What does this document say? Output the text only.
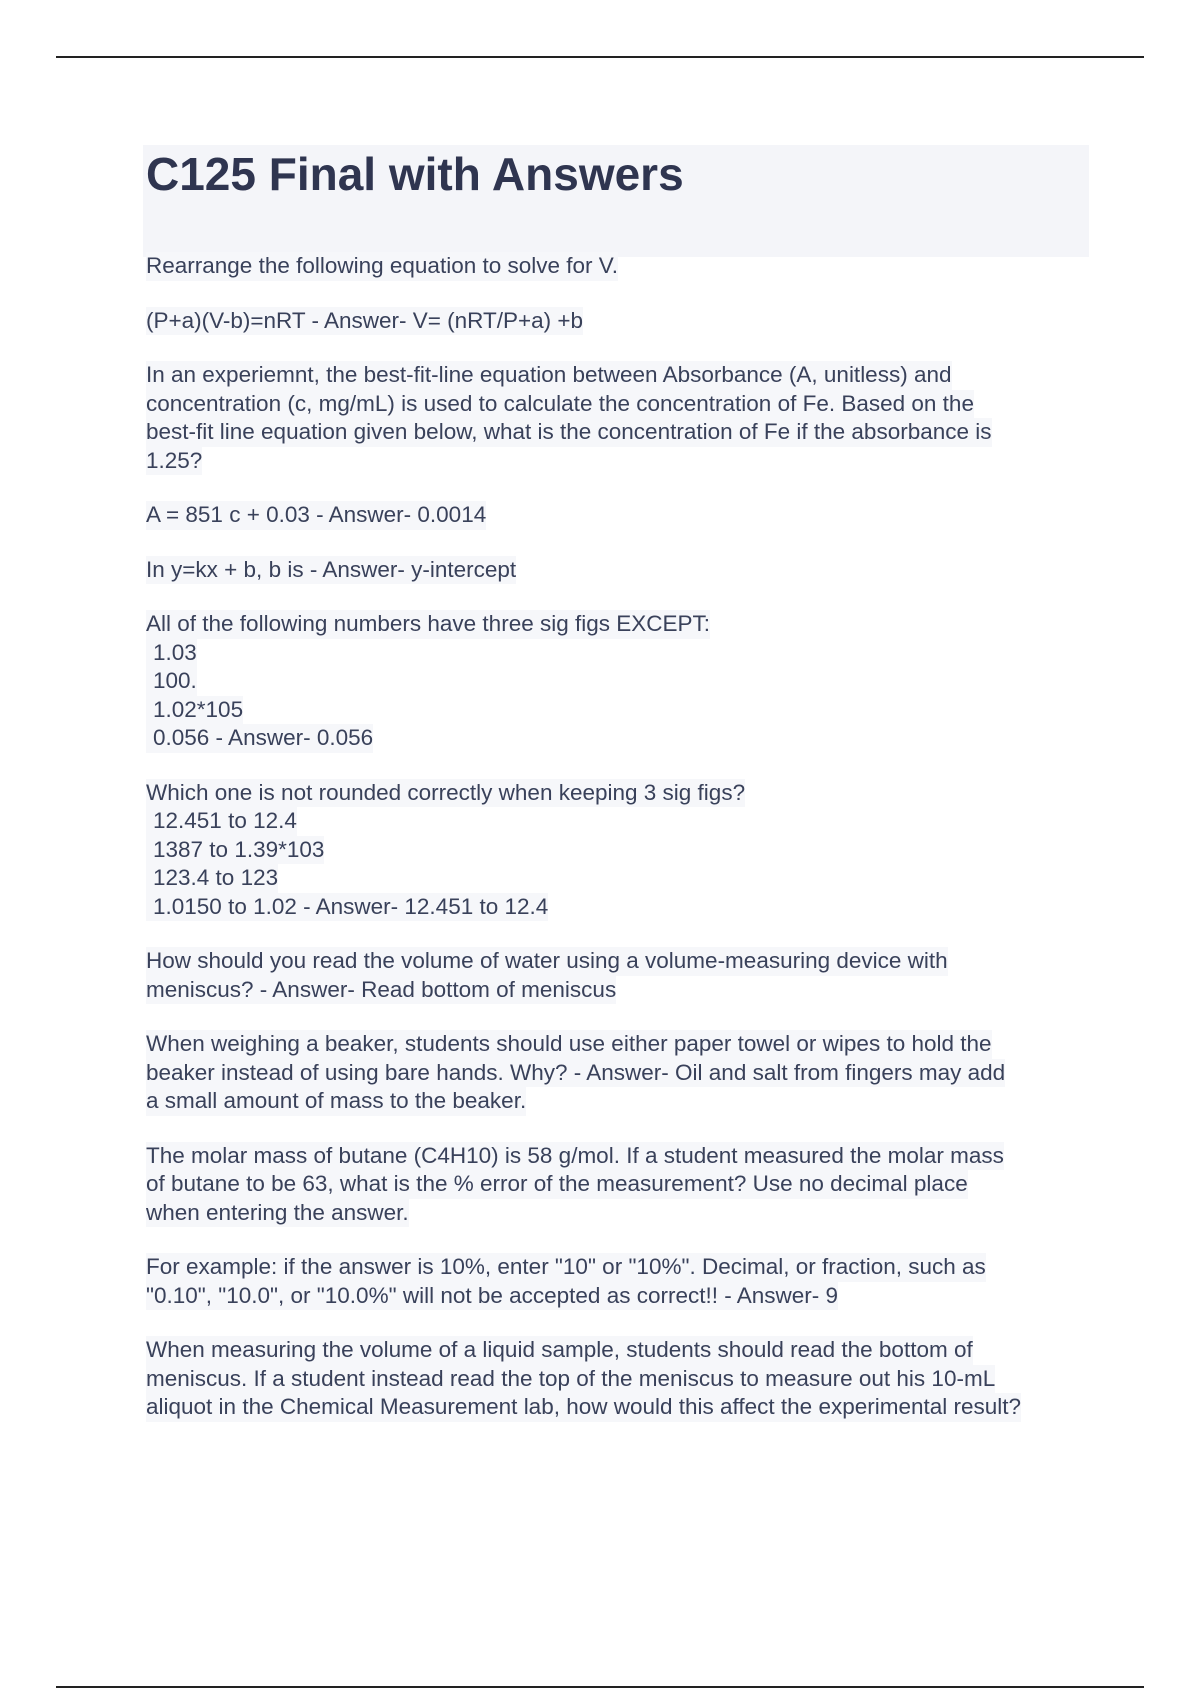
C125 Final with Answers

Rearrange the following equation to solve for V.

(P+a)(V-b)=nRT - Answer- V= (nRT/P+a) +b

In an experiemnt, the best-fit-line equation between Absorbance (A, unitless) and
concentration (c, mg/mL) is used to calculate the concentration of Fe. Based on the
best-fit line equation given below, what is the concentration of Fe if the absorbance is
1.25?

A = 851 c + 0.03 - Answer- 0.0014

In y=kx + b, b is - Answer- y-intercept

All of the following numbers have three sig figs EXCEPT:
1.03
100.
1.02*105
0.056 - Answer- 0.056

Which one is not rounded correctly when keeping 3 sig figs?
12.451 to 12.4
1387 to 1.39*103
123.4 to 123
1.0150 to 1.02 - Answer- 12.451 to 12.4

How should you read the volume of water using a volume-measuring device with
meniscus? - Answer- Read bottom of meniscus

When weighing a beaker, students should use either paper towel or wipes to hold the
beaker instead of using bare hands. Why? - Answer- Oil and salt from fingers may add
a small amount of mass to the beaker.

The molar mass of butane (C4H10) is 58 g/mol. If a student measured the molar mass
of butane to be 63, what is the % error of the measurement? Use no decimal place
when entering the answer.

For example: if the answer is 10%, enter "10" or "10%". Decimal, or fraction, such as
"0.10", "10.0", or "10.0%" will not be accepted as correct!! - Answer- 9

When measuring the volume of a liquid sample, students should read the bottom of
meniscus. If a student instead read the top of the meniscus to measure out his 10-mL
aliquot in the Chemical Measurement lab, how would this affect the experimental result?
